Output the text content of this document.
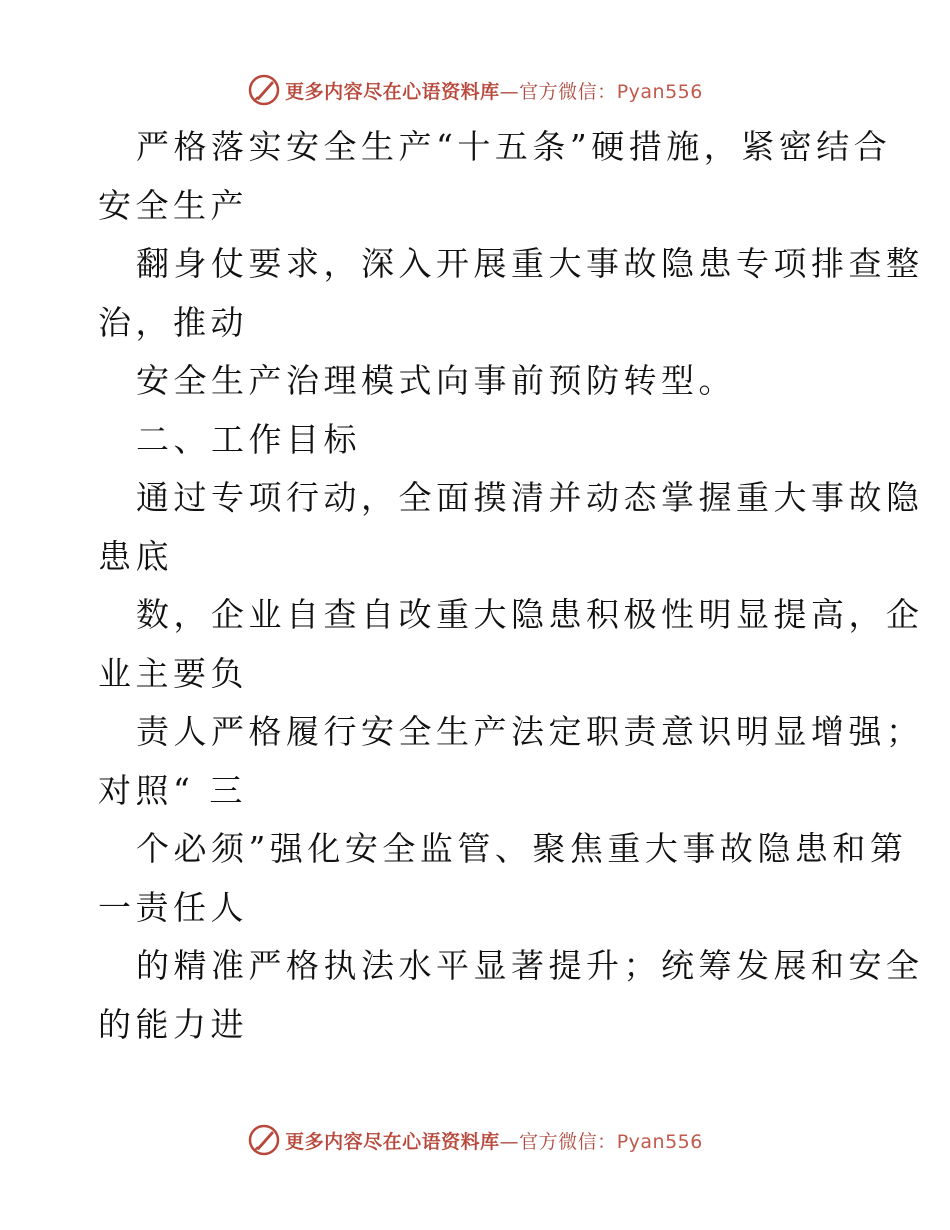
更多内容尽在心语资料库—官方微信：Pyan556

严格落实安全生产“十五条”硬措施，紧密结合

安全生产

翻身仗要求，深入开展重大事故隐患专项排查整

治，推动

安全生产治理模式向事前预防转型。

二、工作目标

通过专项行动，全面摸清并动态掌握重大事故隐

患底

数，企业自查自改重大隐患积极性明显提高，企

业主要负

责人严格履行安全生产法定职责意识明显增强；

对照“ 三

个必须”强化安全监管、聚焦重大事故隐患和第

一责任人

的精准严格执法水平显著提升；统筹发展和安全

的能力进

更多内容尽在心语资料库—官方微信：Pyan556
